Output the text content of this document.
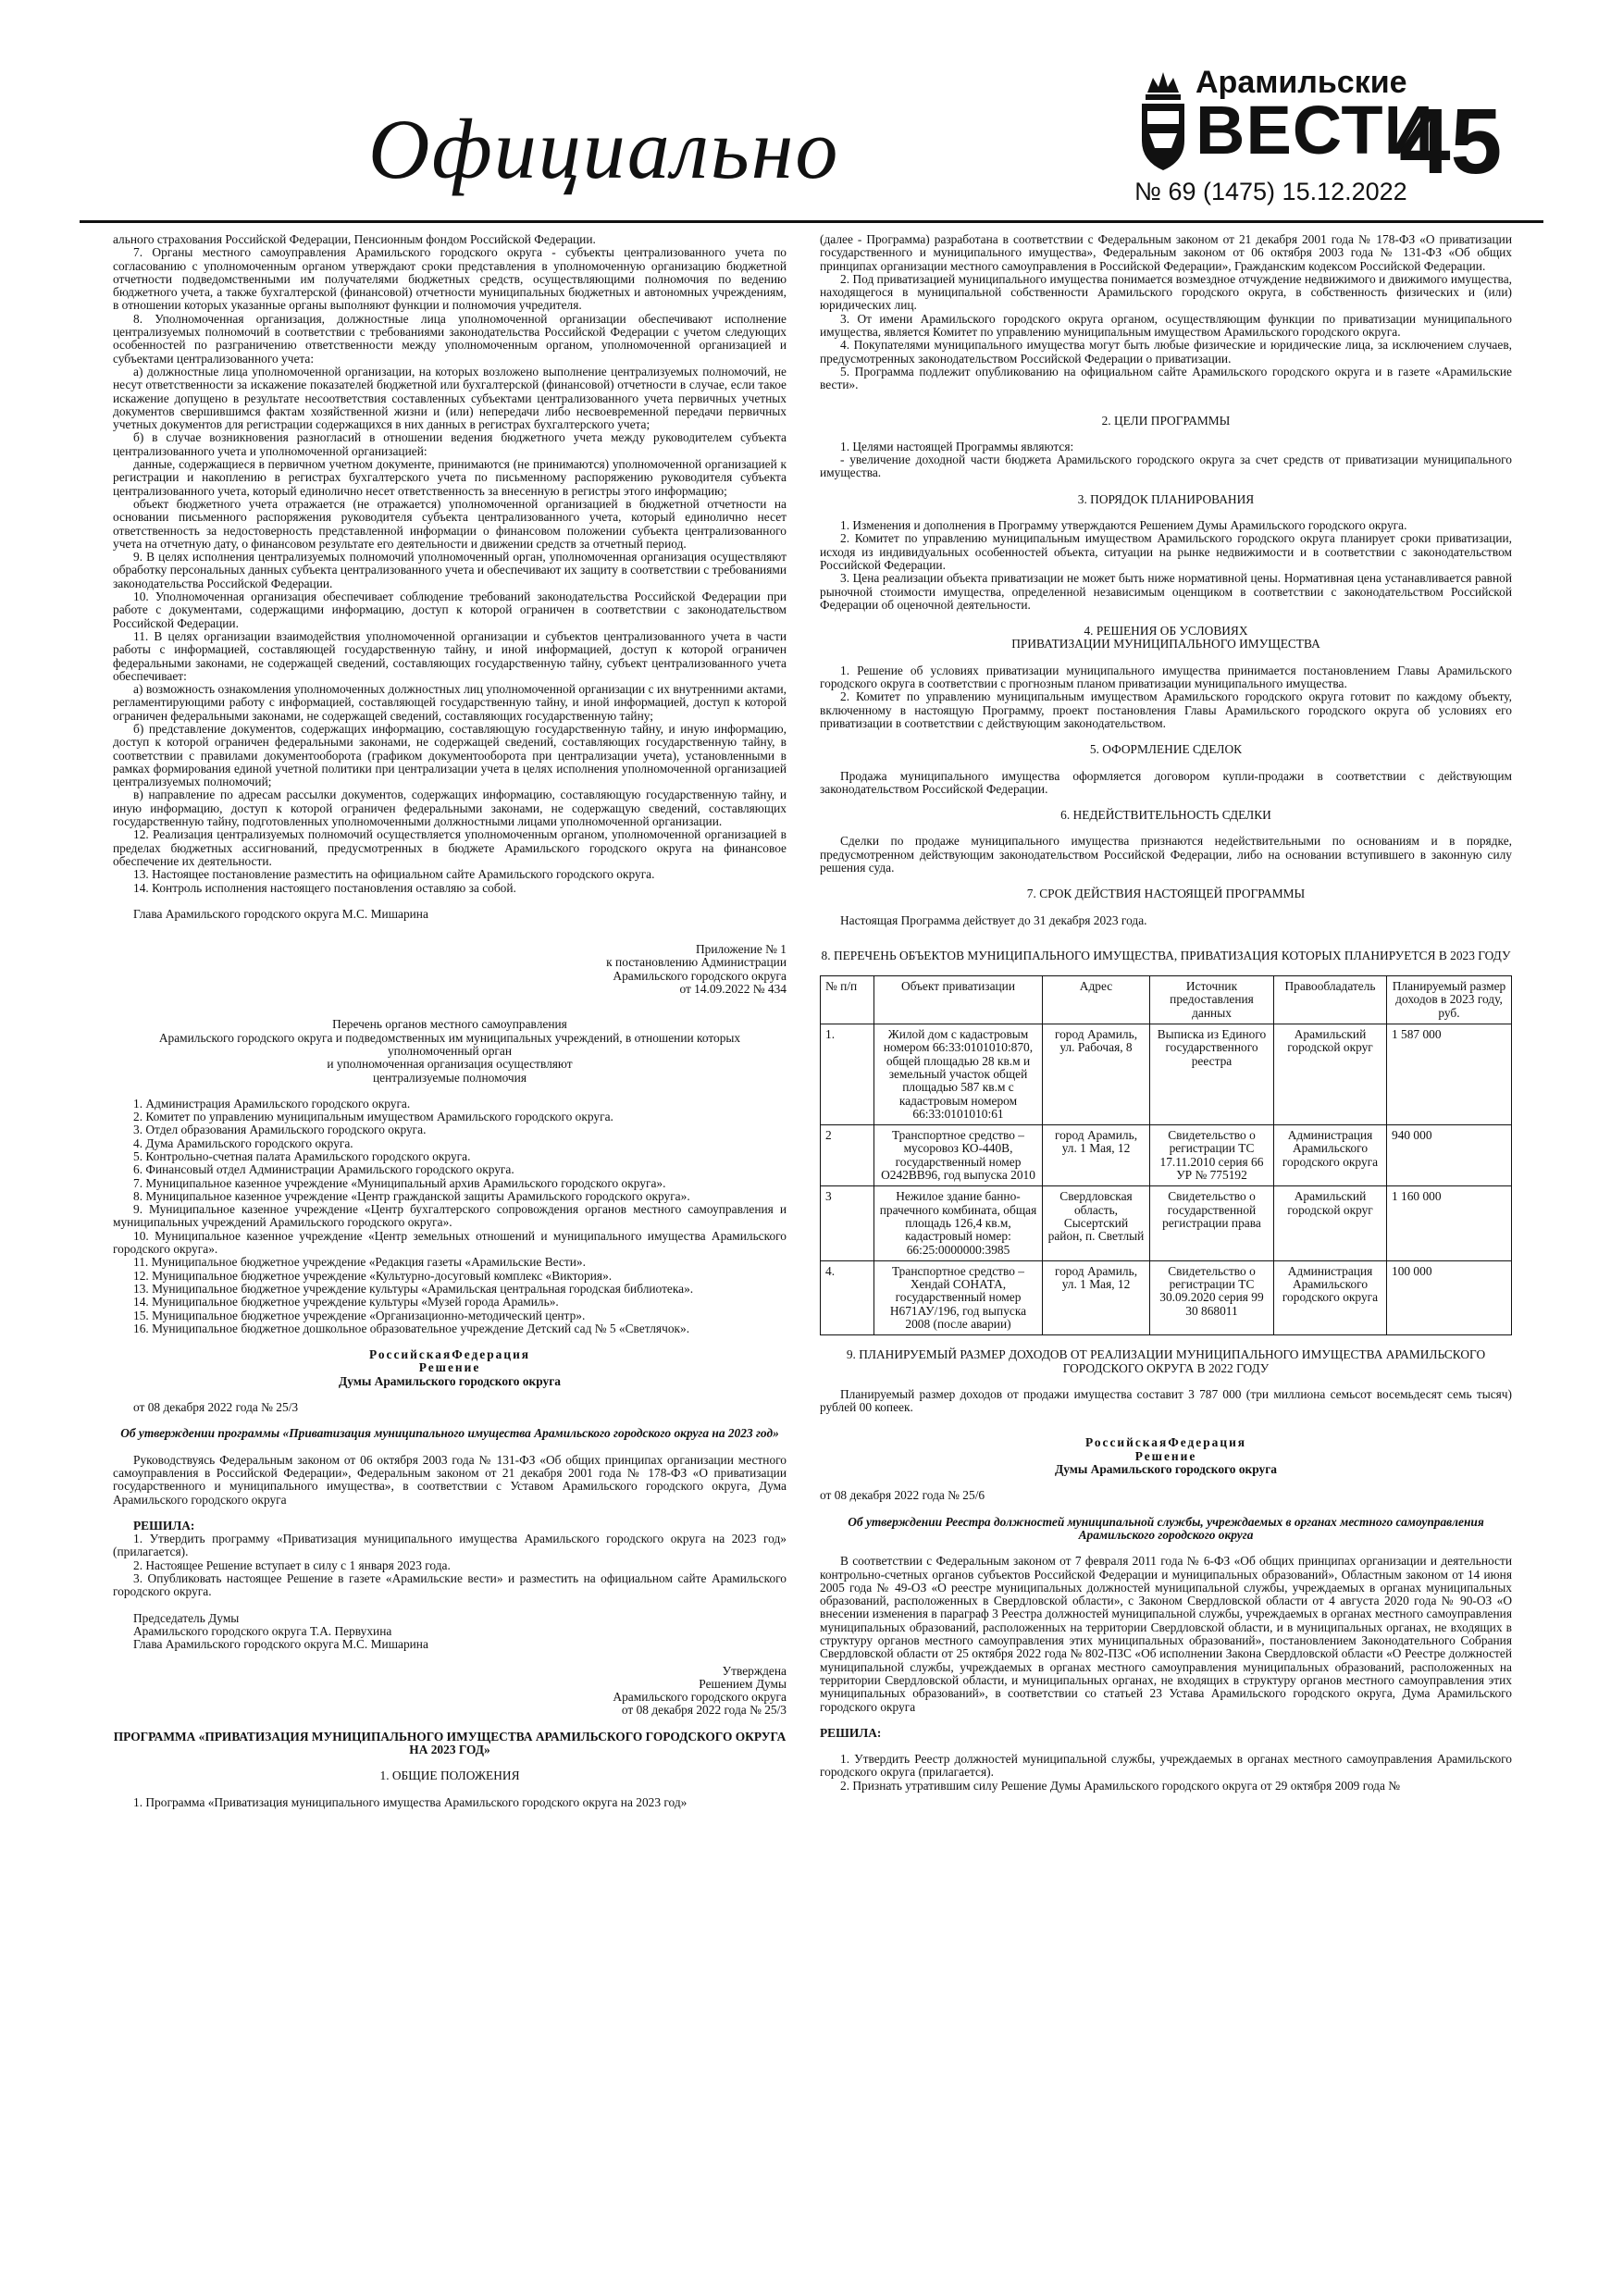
Официально
Арамильские
ВЕСТИ
№ 69 (1475) 15.12.2022
45

ального страхования Российской Федерации, Пенсионным фондом Российской Федерации.

7. Органы местного самоуправления Арамильского городского округа - субъекты централизованного учета по согласованию с уполномоченным органом утверждают сроки представления в уполномоченную организацию бюджетной отчетности подведомственными им получателями бюджетных средств, осуществляющими полномочия по ведению бюджетного учета, а также бухгалтерской (финансовой) отчетности муниципальных бюджетных и автономных учреждениям, в отношении которых указанные органы выполняют функции и полномочия учредителя.

8. Уполномоченная организация, должностные лица уполномоченной организации обеспечивают исполнение централизуемых полномочий в соответствии с требованиями законодательства Российской Федерации с учетом следующих особенностей по разграничению ответственности между уполномоченным органом, уполномоченной организацией и субъектами централизованного учета:

а) должностные лица уполномоченной организации, на которых возложено выполнение централизуемых полномочий, не несут ответственности за искажение показателей бюджетной или бухгалтерской (финансовой) отчетности в случае, если такое искажение допущено в результате несоответствия составленных субъектами централизованного учета первичных учетных документов свершившимся фактам хозяйственной жизни и (или) непередачи либо несвоевременной передачи первичных учетных документов для регистрации содержащихся в них данных в регистрах бухгалтерского учета;

б) в случае возникновения разногласий в отношении ведения бюджетного учета между руководителем субъекта централизованного учета и уполномоченной организацией:

данные, содержащиеся в первичном учетном документе, принимаются (не принимаются) уполномоченной организацией к регистрации и накоплению в регистрах бухгалтерского учета по письменному распоряжению руководителя субъекта централизованного учета, который единолично несет ответственность за внесенную в регистры этого информацию;

объект бюджетного учета отражается (не отражается) уполномоченной организацией в бюджетной отчетности на основании письменного распоряжения руководителя субъекта централизованного учета, который единолично несет ответственность за недостоверность представленной информации о финансовом положении субъекта централизованного учета на отчетную дату, о финансовом результате его деятельности и движении средств за отчетный период.

9. В целях исполнения централизуемых полномочий уполномоченный орган, уполномоченная организация осуществляют обработку персональных данных субъекта централизованного учета и обеспечивают их защиту в соответствии с требованиями законодательства Российской Федерации.

10. Уполномоченная организация обеспечивает соблюдение требований законодательства Российской Федерации при работе с документами, содержащими информацию, доступ к которой ограничен в соответствии с законодательством Российской Федерации.

11. В целях организации взаимодействия уполномоченной организации и субъектов централизованного учета в части работы с информацией, составляющей государственную тайну, и иной информацией, доступ к которой ограничен федеральными законами, не содержащей сведений, составляющих государственную тайну, субъект централизованного учета обеспечивает:

а) возможность ознакомления уполномоченных должностных лиц уполномоченной организации с их внутренними актами, регламентирующими работу с информацией, составляющей государственную тайну, и иной информацией, доступ к которой ограничен федеральными законами, не содержащей сведений, составляющих государственную тайну;

б) представление документов, содержащих информацию, составляющую государственную тайну, и иную информацию, доступ к которой ограничен федеральными законами, не содержащей сведений, составляющих государственную тайну, в соответствии с правилами документооборота (графиком документооборота при централизации учета), установленными в рамках формирования единой учетной политики при централизации учета в целях исполнения уполномоченной организацией централизуемых полномочий;

в) направление по адресам рассылки документов, содержащих информацию, составляющую государственную тайну, и иную информацию, доступ к которой ограничен федеральными законами, не содержащую сведений, составляющих государственную тайну, подготовленных уполномоченными должностными лицами уполномоченной организации.

12. Реализация централизуемых полномочий осуществляется уполномоченным органом, уполномоченной организацией в пределах бюджетных ассигнований, предусмотренных в бюджете Арамильского городского округа на финансовое обеспечение их деятельности.

13. Настоящее постановление разместить на официальном сайте Арамильского городского округа.

14. Контроль исполнения настоящего постановления оставляю за собой.

Глава Арамильского городского округа М.С. Мишарина

Приложение № 1

к постановлению Администрации

Арамильского городского округа

от 14.09.2022 № 434

Перечень органов местного самоуправления

Арамильского городского округа и подведомственных им муниципальных учреждений, в отношении которых уполномоченный орган

и уполномоченная организация осуществляют

централизуемые полномочия

1. Администрация Арамильского городского округа.

2. Комитет по управлению муниципальным имуществом Арамильского городского округа.

3. Отдел образования Арамильского городского округа.

4. Дума Арамильского городского округа.

5. Контрольно-счетная палата Арамильского городского округа.

6. Финансовый отдел Администрации Арамильского городского округа.

7. Муниципальное казенное учреждение «Муниципальный архив Арамильского городского округа».

8. Муниципальное казенное учреждение «Центр гражданской защиты Арамильского городского округа».

9. Муниципальное казенное учреждение «Центр бухгалтерского сопровождения органов местного самоуправления и муниципальных учреждений Арамильского городского округа».

10. Муниципальное казенное учреждение «Центр земельных отношений и муниципального имущества Арамильского городского округа».

11. Муниципальное бюджетное учреждение «Редакция газеты «Арамильские Вести».

12. Муниципальное бюджетное учреждение «Культурно-досуговый комплекс «Виктория».

13. Муниципальное бюджетное учреждение культуры «Арамильская центральная городская библиотека».

14. Муниципальное бюджетное учреждение культуры «Музей города Арамиль».

15. Муниципальное бюджетное учреждение «Организационно-методический центр».

16. Муниципальное бюджетное дошкольное образовательное учреждение Детский сад № 5 «Светлячок».

РоссийскаяФедерация

Решение

Думы Арамильского городского округа

от 08 декабря 2022 года № 25/3

Об утверждении программы «Приватизация муниципального имущества Арамильского городского округа на 2023 год»

Руководствуясь Федеральным законом от 06 октября 2003 года № 131-ФЗ «Об общих принципах организации местного самоуправления в Российской Федерации», Федеральным законом от 21 декабря 2001 года № 178-ФЗ «О приватизации государственного и муниципального имущества», в соответствии с Уставом Арамильского городского округа, Дума Арамильского городского округа

РЕШИЛА:

1. Утвердить программу «Приватизация муниципального имущества Арамильского городского округа на 2023 год» (прилагается).

2. Настоящее Решение вступает в силу с 1 января 2023 года.

3. Опубликовать настоящее Решение в газете «Арамильские вести» и разместить на официальном сайте Арамильского городского округа.

Председатель Думы

Арамильского городского округа Т.А. Первухина

Глава Арамильского городского округа М.С. Мишарина

Утверждена

Решением Думы

Арамильского городского округа

от 08 декабря 2022 года № 25/3

ПРОГРАММА «ПРИВАТИЗАЦИЯ МУНИЦИПАЛЬНОГО ИМУЩЕСТВА АРАМИЛЬСКОГО ГОРОДСКОГО ОКРУГА НА 2023 ГОД»

1. ОБЩИЕ ПОЛОЖЕНИЯ

1. Программа «Приватизация муниципального имущества Арамильского городского округа на 2023 год»

(далее - Программа) разработана в соответствии с Федеральным законом от 21 декабря 2001 года № 178-ФЗ «О приватизации государственного и муниципального имущества», Федеральным законом от 06 октября 2003 года № 131-ФЗ «Об общих принципах организации местного самоуправления в Российской Федерации», Гражданским кодексом Российской Федерации.

2. Под приватизацией муниципального имущества понимается возмездное отчуждение недвижимого и движимого имущества, находящегося в муниципальной собственности Арамильского городского округа, в собственность физических и (или) юридических лиц.

3. От имени Арамильского городского округа органом, осуществляющим функции по приватизации муниципального имущества, является Комитет по управлению муниципальным имуществом Арамильского городского округа.

4. Покупателями муниципального имущества могут быть любые физические и юридические лица, за исключением случаев, предусмотренных законодательством Российской Федерации о приватизации.

5. Программа подлежит опубликованию на официальном сайте Арамильского городского округа и в газете «Арамильские вести».

2. ЦЕЛИ ПРОГРАММЫ

1. Целями настоящей Программы являются:

- увеличение доходной части бюджета Арамильского городского округа за счет средств от приватизации муниципального имущества.

3. ПОРЯДОК ПЛАНИРОВАНИЯ

1. Изменения и дополнения в Программу утверждаются Решением Думы Арамильского городского округа.

2. Комитет по управлению муниципальным имуществом Арамильского городского округа планирует сроки приватизации, исходя из индивидуальных особенностей объекта, ситуации на рынке недвижимости и в соответствии с законодательством Российской Федерации.

3. Цена реализации объекта приватизации не может быть ниже нормативной цены. Нормативная цена устанавливается равной рыночной стоимости имущества, определенной независимым оценщиком в соответствии с законодательством Российской Федерации об оценочной деятельности.

4. РЕШЕНИЯ ОБ УСЛОВИЯХ

ПРИВАТИЗАЦИИ МУНИЦИПАЛЬНОГО ИМУЩЕСТВА

1. Решение об условиях приватизации муниципального имущества принимается постановлением Главы Арамильского городского округа в соответствии с прогнозным планом приватизации муниципального имущества.

2. Комитет по управлению муниципальным имуществом Арамильского городского округа готовит по каждому объекту, включенному в настоящую Программу, проект постановления Главы Арамильского городского округа об условиях его приватизации в соответствии с действующим законодательством.

5. ОФОРМЛЕНИЕ СДЕЛОК

Продажа муниципального имущества оформляется договором купли-продажи в соответствии с действующим законодательством Российской Федерации.

6. НЕДЕЙСТВИТЕЛЬНОСТЬ СДЕЛКИ

Сделки по продаже муниципального имущества признаются недействительными по основаниям и в порядке, предусмотренном действующим законодательством Российской Федерации, либо на основании вступившего в законную силу решения суда.

7. СРОК ДЕЙСТВИЯ НАСТОЯЩЕЙ ПРОГРАММЫ

Настоящая Программа действует до 31 декабря 2023 года.

8. ПЕРЕЧЕНЬ ОБЪЕКТОВ МУНИЦИПАЛЬНОГО ИМУЩЕСТВА, ПРИВАТИЗАЦИЯ КОТОРЫХ ПЛАНИРУЕТСЯ В 2023 ГОДУ

№ п/п	Объект приватизации	Адрес	Источник предоставления данных	Правообладатель	Планируемый размер доходов в 2023 году, руб.
1.	Жилой дом с кадастровым номером 66:33:0101010:870, общей площадью 28 кв.м и земельный участок общей площадью 587 кв.м с кадастровым номером 66:33:0101010:61	город Арамиль, ул. Рабочая, 8	Выписка из Единого государственного реестра	Арамильский городской округ	1 587 000
2	Транспортное средство – мусоровоз КО-440В, государственный номер О242ВВ96, год выпуска 2010	город Арамиль, ул. 1 Мая, 12	Свидетельство о регистрации ТС 17.11.2010 серия 66 УР № 775192	Администрация Арамильского городского округа	940 000
3	Нежилое здание банно-прачечного комбината, общая площадь 126,4 кв.м, кадастровый номер: 66:25:0000000:3985	Свердловская область, Сысертский район, п. Светлый	Свидетельство о государственной регистрации права	Арамильский городской округ	1 160 000
4.	Транспортное средство – Хендай СОНАТА, государственный номер Н671АУ/196, год выпуска 2008 (после аварии)	город Арамиль, ул. 1 Мая, 12	Свидетельство о регистрации ТС 30.09.2020 серия 99 30 868011	Администрация Арамильского городского округа	100 000

9. ПЛАНИРУЕМЫЙ РАЗМЕР ДОХОДОВ ОТ РЕАЛИЗАЦИИ МУНИЦИПАЛЬНОГО ИМУЩЕСТВА АРАМИЛЬСКОГО ГОРОДСКОГО ОКРУГА В 2022 ГОДУ

Планируемый размер доходов от продажи имущества составит 3 787 000 (три миллиона семьсот восемьдесят семь тысяч) рублей 00 копеек.

РоссийскаяФедерация

Решение

Думы Арамильского городского округа

от 08 декабря 2022 года № 25/6

Об утверждении Реестра должностей муниципальной службы, учреждаемых в органах местного самоуправления Арамильского городского округа

В соответствии с Федеральным законом от 7 февраля 2011 года № 6-ФЗ «Об общих принципах организации и деятельности контрольно-счетных органов субъектов Российской Федерации и муниципальных образований», Областным законом от 14 июня 2005 года № 49-ОЗ «О реестре муниципальных должностей муниципальной службы, учреждаемых в органах муниципальных образований, расположенных в Свердловской области», с Законом Свердловской области от 4 августа 2020 года № 90-ОЗ «О внесении изменения в параграф 3 Реестра должностей муниципальной службы, учреждаемых в органах местного самоуправления муниципальных образований, расположенных на территории Свердловской области, и в муниципальных органах, не входящих в структуру органов местного самоуправления этих муниципальных образований», постановлением Законодательного Собрания Свердловской области от 25 октября 2022 года № 802-ПЗС «Об исполнении Закона Свердловской области «О Реестре должностей муниципальной службы, учреждаемых в органах местного самоуправления муниципальных образований, расположенных на территории Свердловской области, и муниципальных органах, не входящих в структуру органов местного самоуправления этих муниципальных образований», в соответствии со статьей 23 Устава Арамильского городского округа, Дума Арамильского городского округа

РЕШИЛА:

1. Утвердить Реестр должностей муниципальной службы, учреждаемых в органах местного самоуправления Арамильского городского округа (прилагается).

2. Признать утратившим силу Решение Думы Арамильского городского округа от 29 октября 2009 года №
